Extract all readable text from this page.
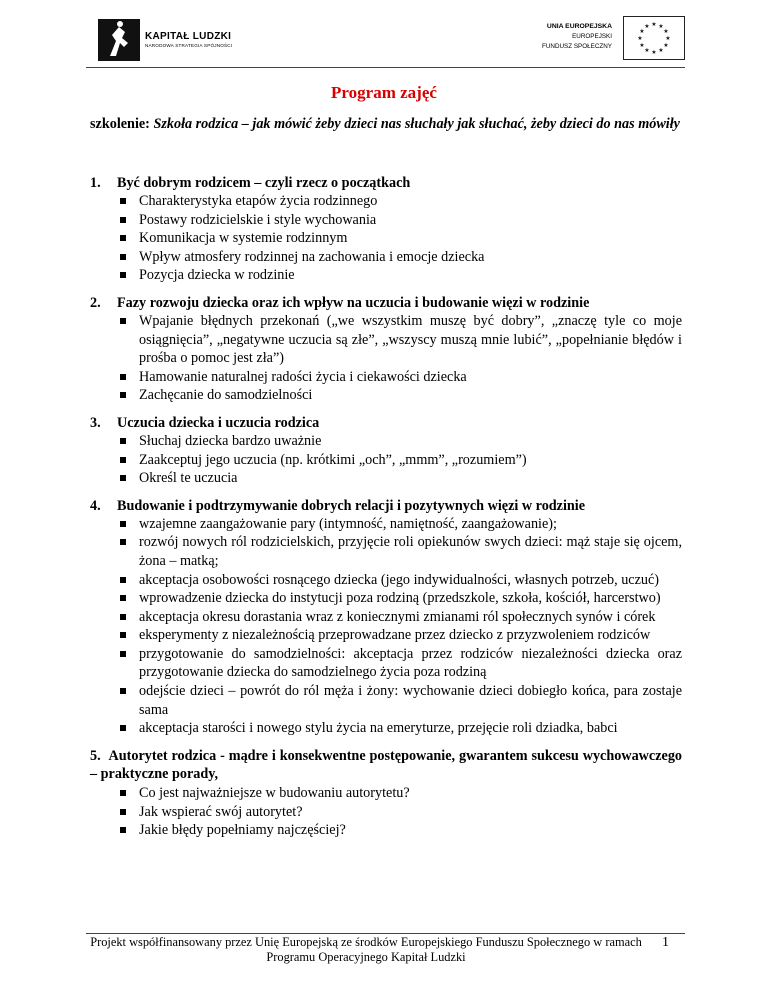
KAPITAŁ LUDZKI
NARODOWA STRATEGIA SPÓJNOŚCI
UNIA EUROPEJSKA
EUROPEJSKI
FUNDUSZ SPOŁECZNY
★ ★
★
★
★
★
★
★
★
★
★
★
Program zajęć
szkolenie: Szkoła rodzica – jak mówić żeby dzieci nas słuchały jak słuchać, żeby dzieci do nas mówiły
1. Być dobrym rodzicem – czyli rzecz o początkach
Charakterystyka etapów życia rodzinnego
Postawy rodzicielskie i style wychowania
Komunikacja w systemie rodzinnym
Wpływ atmosfery rodzinnej na zachowania i emocje dziecka
Pozycja dziecka w rodzinie
2. Fazy rozwoju dziecka oraz ich wpływ na uczucia i budowanie więzi w rodzinie
Wpajanie błędnych przekonań („we wszystkim muszę być dobry”, „znaczę tyle co moje osiągnięcia”, „negatywne uczucia są złe”, „wszyscy muszą mnie lubić”, „popełnianie błędów i prośba o pomoc jest zła”)
Hamowanie naturalnej radości życia i ciekawości dziecka
Zachęcanie do samodzielności
3. Uczucia dziecka i uczucia rodzica
Słuchaj dziecka bardzo uważnie
Zaakceptuj jego uczucia (np. krótkimi „och”, „mmm”, „rozumiem”)
Określ te uczucia
4. Budowanie i podtrzymywanie dobrych relacji i pozytywnych więzi w rodzinie
wzajemne zaangażowanie pary (intymność, namiętność, zaangażowanie);
rozwój nowych ról rodzicielskich, przyjęcie roli opiekunów swych dzieci: mąż staje się ojcem, żona – matką;
akceptacja osobowości rosnącego dziecka (jego indywidualności, własnych potrzeb, uczuć)
wprowadzenie dziecka do instytucji poza rodziną (przedszkole, szkoła, kościół, harcerstwo)
akceptacja okresu dorastania wraz z koniecznymi zmianami ról społecznych synów i córek
eksperymenty z niezależnością przeprowadzane przez dziecko z przyzwoleniem rodziców
przygotowanie do samodzielności: akceptacja przez rodziców niezależności dziecka oraz przygotowanie dziecka do samodzielnego życia poza rodziną
odejście dzieci – powrót do ról męża i żony: wychowanie dzieci dobiegło końca, para zostaje sama
akceptacja starości i nowego stylu życia na emeryturze, przejęcie roli dziadka, babci
5. Autorytet rodzica - mądre i konsekwentne postępowanie, gwarantem sukcesu wychowawczego – praktyczne porady,
Co jest najważniejsze w budowaniu autorytetu?
Jak wspierać swój autorytet?
Jakie błędy popełniamy najczęściej?
Projekt współfinansowany przez Unię Europejską ze środków Europejskiego Funduszu Społecznego w ramach Programu Operacyjnego Kapitał Ludzki
1
